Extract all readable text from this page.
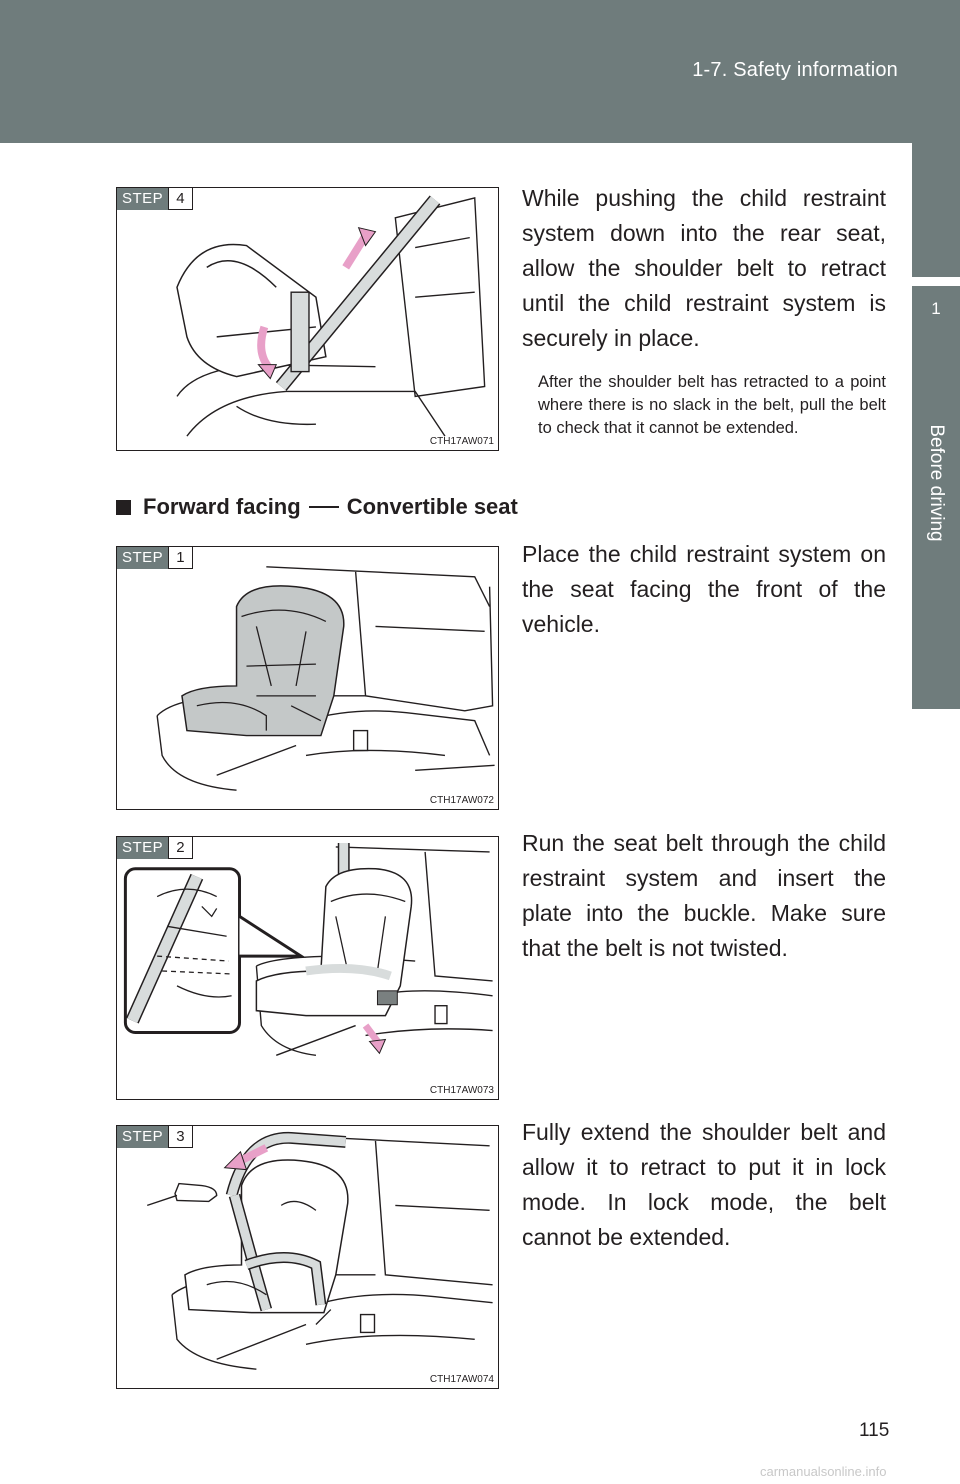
1-7. Safety information
1
Before driving
STEP 4
CTH17AW071
While pushing the child restraint system down into the rear seat, allow the shoulder belt to retract until the child restraint system is securely in place.
After the shoulder belt has retracted to a point where there is no slack in the belt, pull the belt to check that it cannot be extended.
Forward facing Convertible seat
STEP 1
CTH17AW072
Place the child restraint system on the seat facing the front of the vehicle.
STEP 2
CTH17AW073
Run the seat belt through the child restraint system and insert the plate into the buckle. Make sure that the belt is not twisted.
STEP 3
CTH17AW074
Fully extend the shoulder belt and allow it to retract to put it in lock mode. In lock mode, the belt cannot be extended.
115
carmanualsonline.info
